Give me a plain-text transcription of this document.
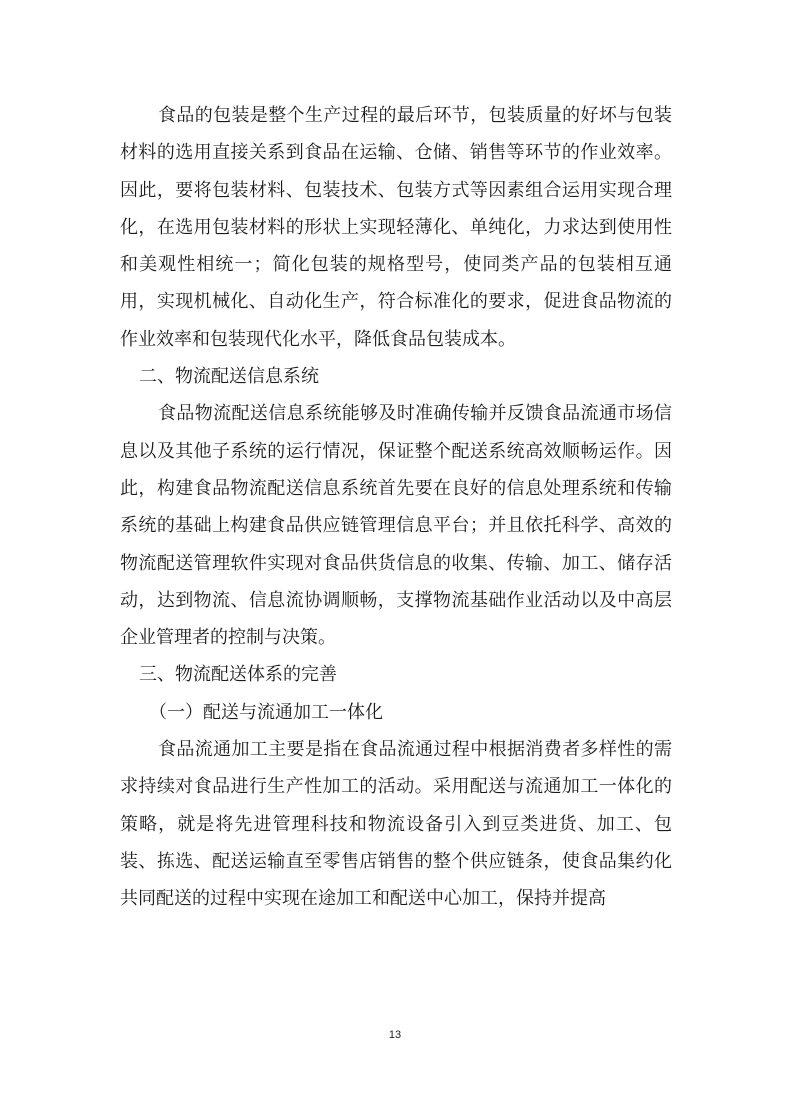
食品的包装是整个生产过程的最后环节，包装质量的好坏与包装材料的选用直接关系到食品在运输、仓储、销售等环节的作业效率。因此，要将包装材料、包装技术、包装方式等因素组合运用实现合理化，在选用包装材料的形状上实现轻薄化、单纯化，力求达到使用性和美观性相统一；简化包装的规格型号，使同类产品的包装相互通用，实现机械化、自动化生产，符合标准化的要求，促进食品物流的作业效率和包装现代化水平，降低食品包装成本。

二、物流配送信息系统

食品物流配送信息系统能够及时准确传输并反馈食品流通市场信息以及其他子系统的运行情况，保证整个配送系统高效顺畅运作。因此，构建食品物流配送信息系统首先要在良好的信息处理系统和传输系统的基础上构建食品供应链管理信息平台；并且依托科学、高效的物流配送管理软件实现对食品供货信息的收集、传输、加工、储存活动，达到物流、信息流协调顺畅，支撑物流基础作业活动以及中高层企业管理者的控制与决策。

三、物流配送体系的完善

（一）配送与流通加工一体化

食品流通加工主要是指在食品流通过程中根据消费者多样性的需求持续对食品进行生产性加工的活动。采用配送与流通加工一体化的策略，就是将先进管理科技和物流设备引入到豆类进货、加工、包装、拣选、配送运输直至零售店销售的整个供应链条，使食品集约化共同配送的过程中实现在途加工和配送中心加工，保持并提高

13
